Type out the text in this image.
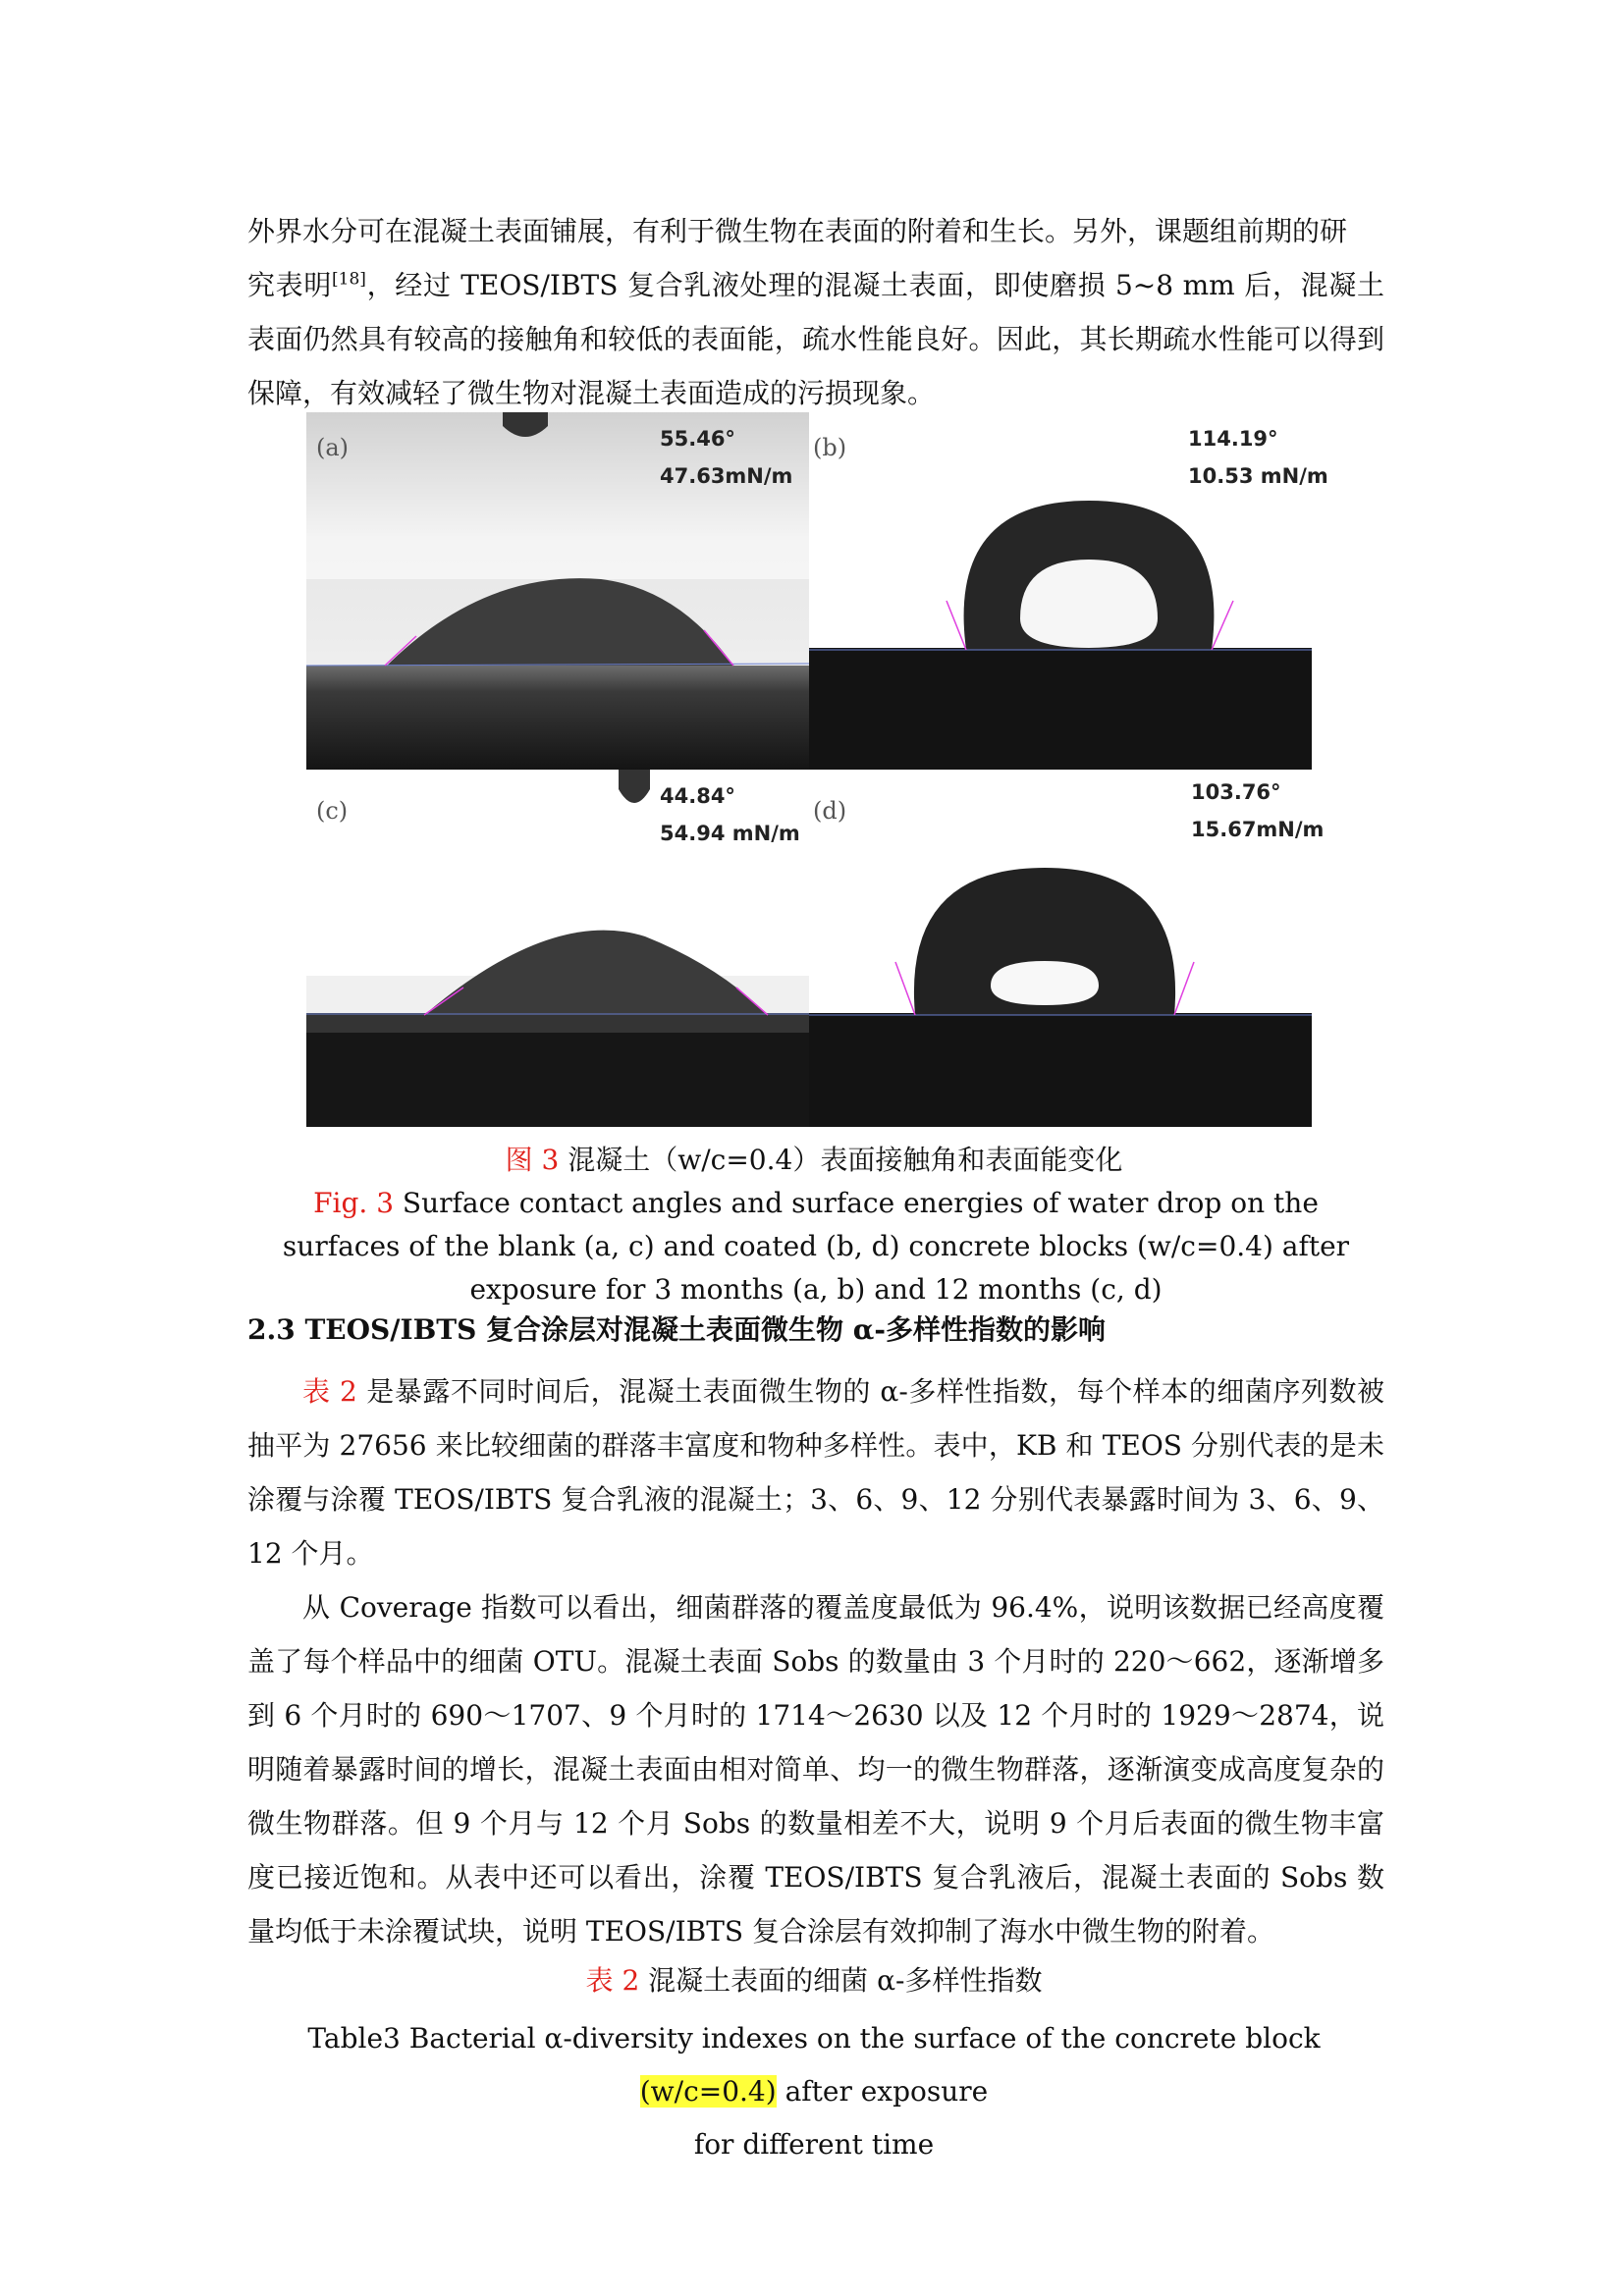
外界水分可在混凝土表面铺展，有利于微生物在表面的附着和生长。另外，课题组前期的研
究表明[18]，经过 TEOS/IBTS 复合乳液处理的混凝土表面，即使磨损 5~8 mm 后，混凝土表面仍然具有较高的接触角和较低的表面能，疏水性能良好。因此，其长期疏水性能可以得到保障，有效减轻了微生物对混凝土表面造成的污损现象。

(a)	55.46°
47.63mN/m
(b)	114.19°
10.53 mN/m
(c)
44.84°
54.94 mN/m
(d)
103.76°
15.67mN/m

图 3 混凝土（w/c=0.4）表面接触角和表面能变化

Fig. 3 Surface contact angles and surface energies of water drop on the surfaces of the blank (a, c) and coated (b, d) concrete blocks (w/c=0.4) after exposure for 3 months (a, b) and 12 months (c, d)

2.3 TEOS/IBTS 复合涂层对混凝土表面微生物 α-多样性指数的影响

表 2 是暴露不同时间后，混凝土表面微生物的 α-多样性指数，每个样本的细菌序列数被抽平为 27656 来比较细菌的群落丰富度和物种多样性。表中，KB 和 TEOS 分别代表的是未涂覆与涂覆 TEOS/IBTS 复合乳液的混凝土；3、6、9、12 分别代表暴露时间为 3、6、9、12 个月。

从 Coverage 指数可以看出，细菌群落的覆盖度最低为 96.4%，说明该数据已经高度覆盖了每个样品中的细菌 OTU。混凝土表面 Sobs 的数量由 3 个月时的 220～662，逐渐增多到 6 个月时的 690～1707、9 个月时的 1714～2630 以及 12 个月时的 1929～2874，说明随着暴露时间的增长，混凝土表面由相对简单、均一的微生物群落，逐渐演变成高度复杂的微生物群落。但 9 个月与 12 个月 Sobs 的数量相差不大，说明 9 个月后表面的微生物丰富度已接近饱和。从表中还可以看出，涂覆 TEOS/IBTS 复合乳液后，混凝土表面的 Sobs 数量均低于未涂覆试块，说明 TEOS/IBTS 复合涂层有效抑制了海水中微生物的附着。

表 2 混凝土表面的细菌 α-多样性指数

Table3 Bacterial α-diversity indexes on the surface of the concrete block (w/c=0.4) after exposure
for different time
